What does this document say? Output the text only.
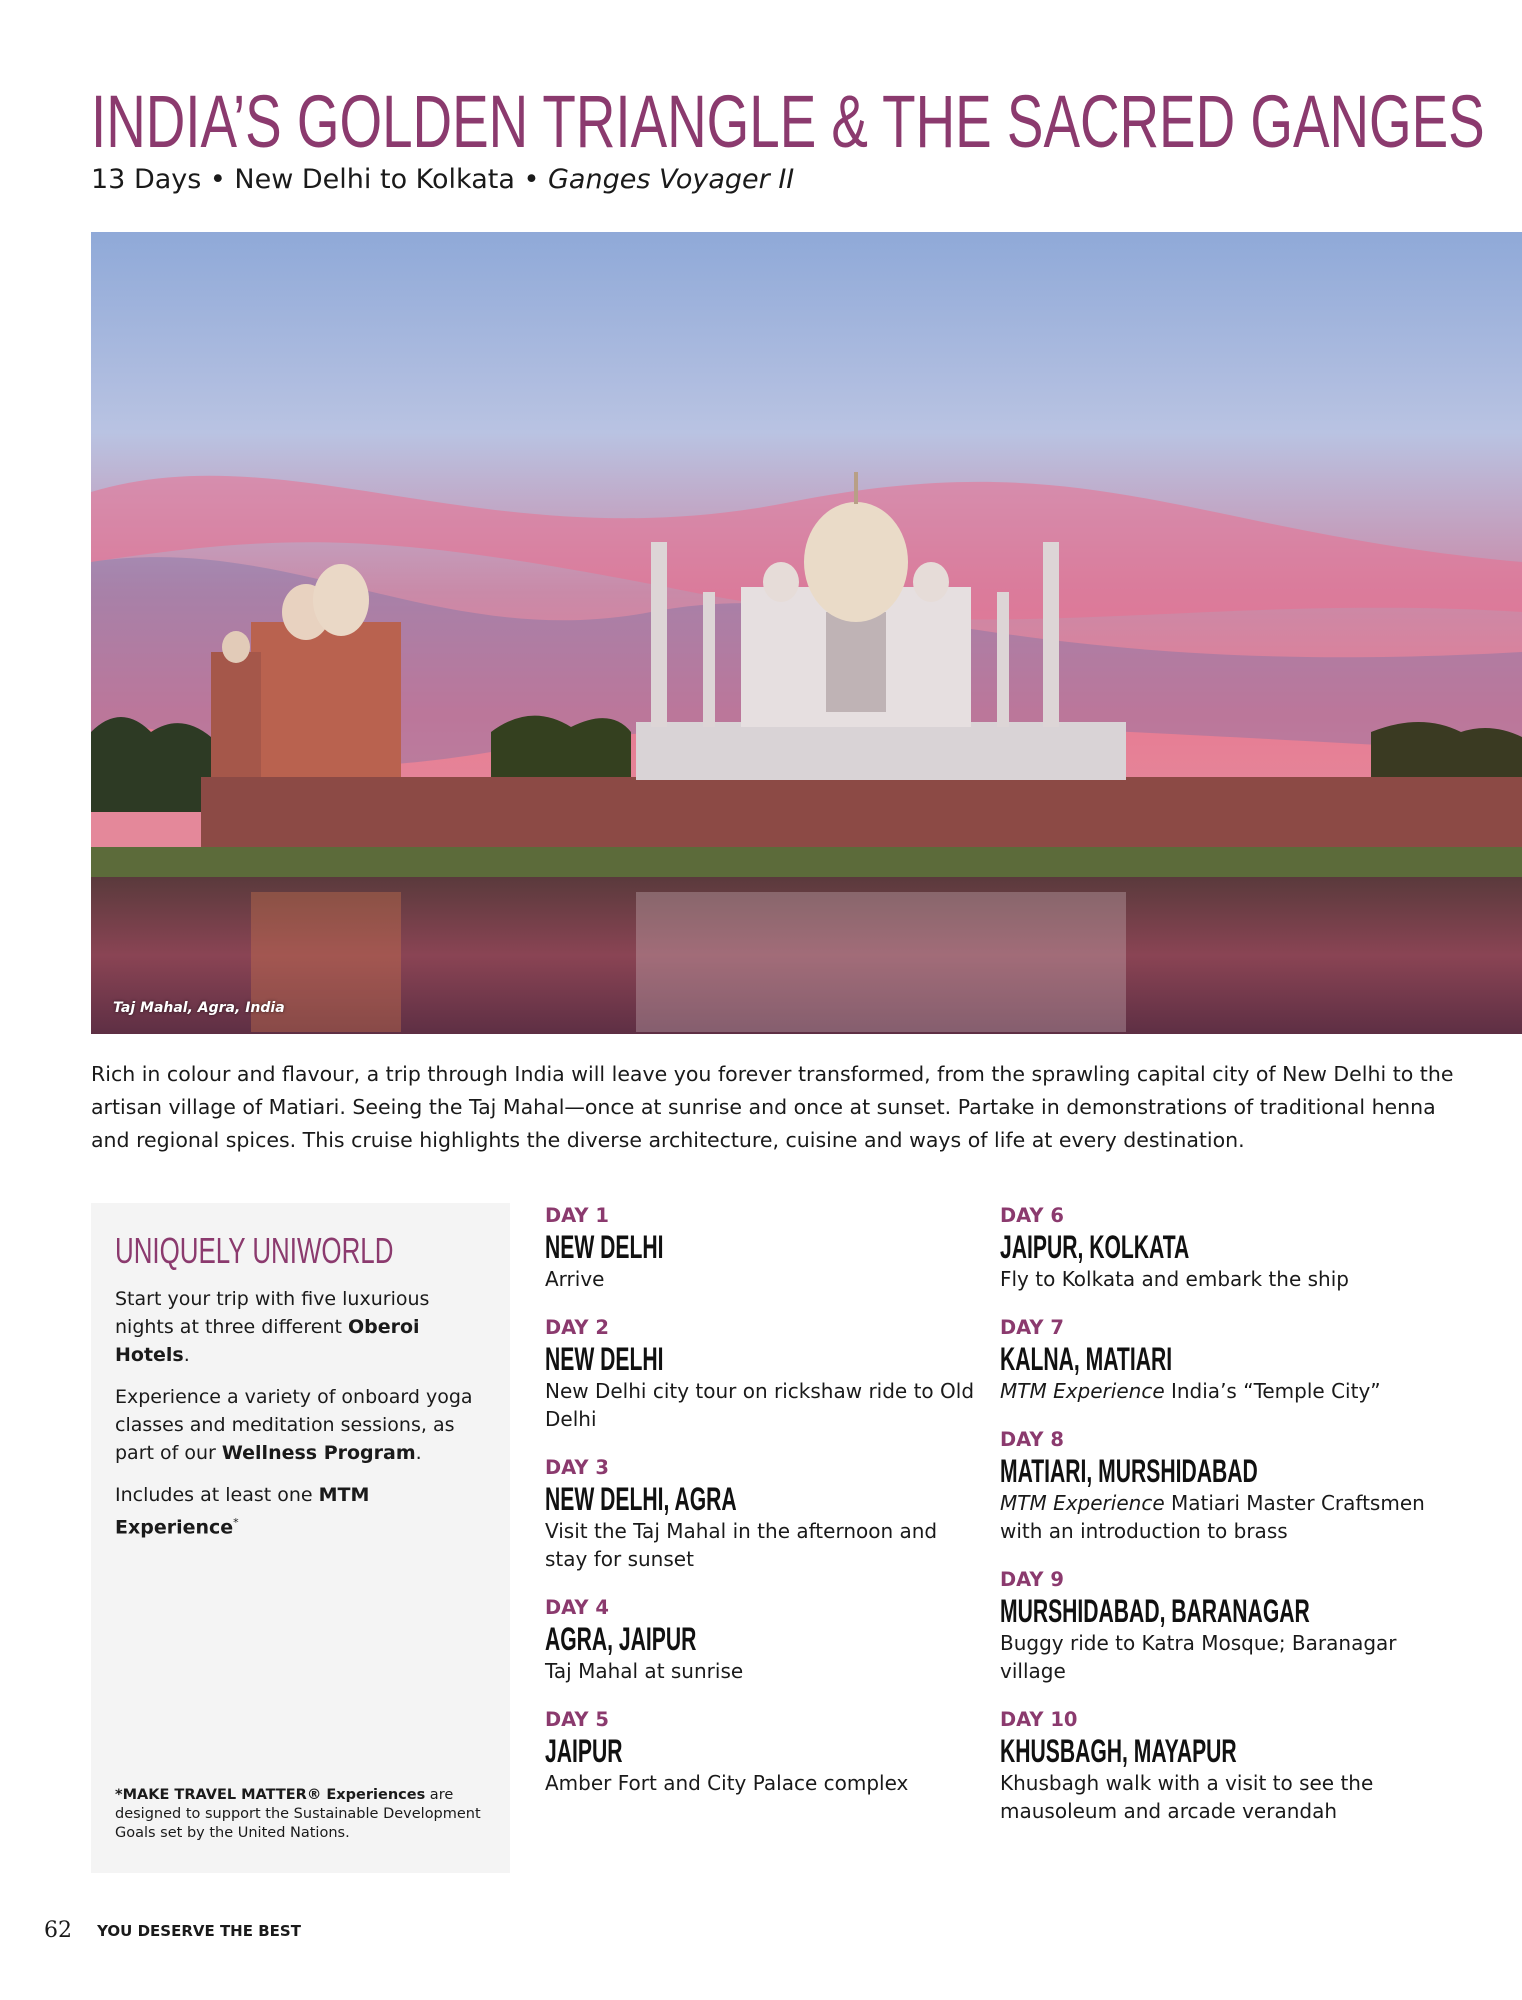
INDIA’S GOLDEN TRIANGLE & THE SACRED GANGES
13 Days • New Delhi to Kolkata • Ganges Voyager II
Taj Mahal, Agra, India

Rich in colour and flavour, a trip through India will leave you forever transformed, from the sprawling capital city of New Delhi to the artisan village of Matiari. Seeing the Taj Mahal—once at sunrise and once at sunset. Partake in demonstrations of traditional henna and regional spices. This cruise highlights the diverse architecture, cuisine and ways of life at every destination.

UNIQUELY UNIWORLD

Start your trip with five luxurious nights at three different Oberoi Hotels.

Experience a variety of onboard yoga classes and meditation sessions, as part of our Wellness Program.

Includes at least one MTM Experience*

*MAKE TRAVEL MATTER® Experiences are designed to support the Sustainable Development Goals set by the United Nations.
DAY 1
NEW DELHI
Arrive
DAY 2
NEW DELHI
New Delhi city tour on rickshaw ride to Old Delhi
DAY 3
NEW DELHI, AGRA
Visit the Taj Mahal in the afternoon and stay for sunset
DAY 4
AGRA, JAIPUR
Taj Mahal at sunrise
DAY 5
JAIPUR
Amber Fort and City Palace complex
DAY 6
JAIPUR, KOLKATA
Fly to Kolkata and embark the ship
DAY 7
KALNA, MATIARI
MTM Experience India’s “Temple City”
DAY 8
MATIARI, MURSHIDABAD
MTM Experience Matiari Master Craftsmen with an introduction to brass
DAY 9
MURSHIDABAD, BARANAGAR
Buggy ride to Katra Mosque; Baranagar village
DAY 10
KHUSBAGH, MAYAPUR
Khusbagh walk with a visit to see the mausoleum and arcade verandah
62 YOU DESERVE THE BEST
